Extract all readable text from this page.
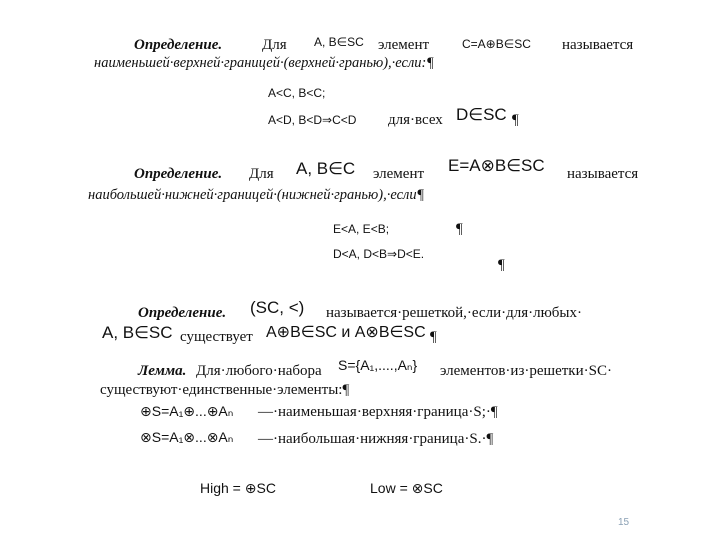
Определение.	Для A, B∈SC элемент	C=A⊕B∈SC называется
наименьшей·верхней·границей·(верхней·гранью),·если:¶
A<C, B<C;
A<D, B<D⇒C<D для·всех D∈SC ¶
Определение. Для A, B∈C элемент E=A⊗B∈SC называется
наибольшей·нижней·границей·(нижней·гранью),·если¶
E<A, E<B;	¶
D<A, D<B⇒D<E.
¶
Определение. (SC, <) называется·решеткой,·если·для·любых·
A, B∈SC существует A⊕B∈SC и A⊗B∈SC ¶
Лемма. Для·любого·набора S={A₁,....,Aₙ} элементов·из·решетки·SC·
существуют·единственные·элементы:¶
⊕S=A₁⊕...⊕Aₙ —·наименьшая·верхняя·граница·S;·¶
⊗S=A₁⊗...⊗Aₙ —·наибольшая·нижняя·граница·S.·¶
High = ⊕SC	Low = ⊗SC
15
